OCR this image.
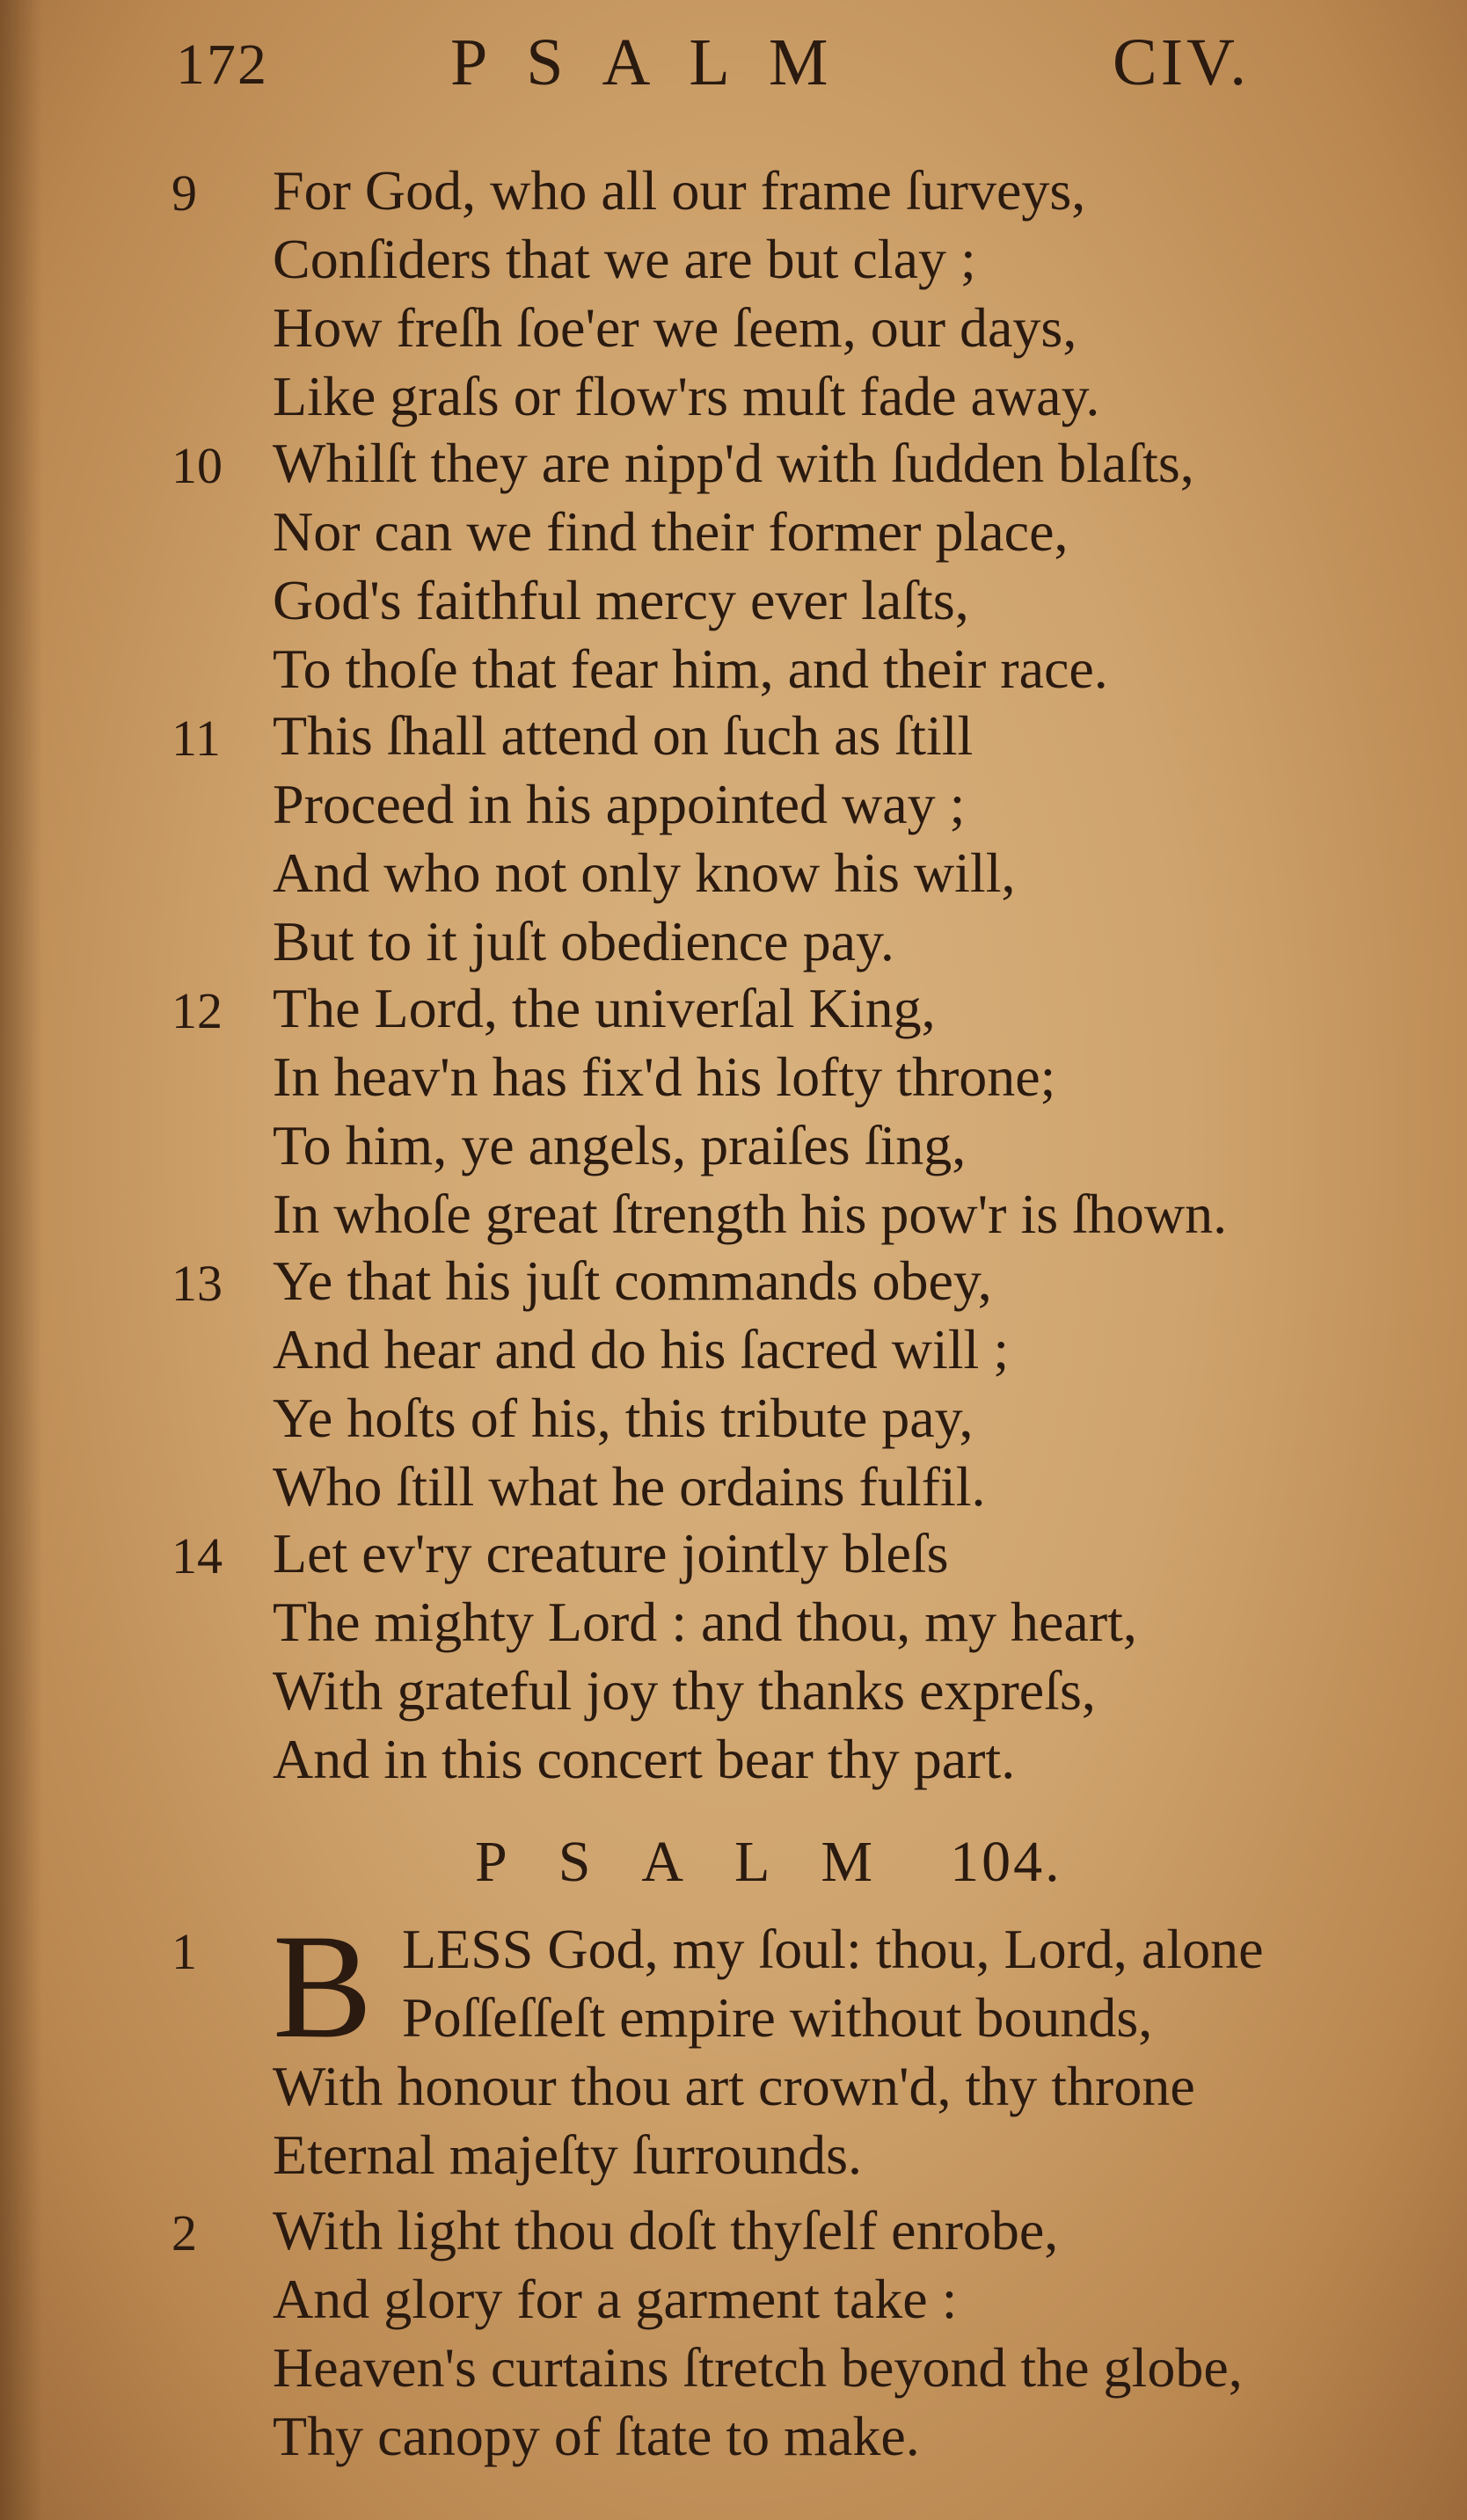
172	PSALM	CIV.
9	For God, who all our frame ſurveys,
Conſiders that we are but clay ;
How freſh ſoe'er we ſeem, our days,
Like graſs or flow'rs muſt fade away.
10 Whilſt they are nipp'd with ſudden blaſts,
Nor can we find their former place,
God's faithful mercy ever laſts,
To thoſe that fear him, and their race.
11 This ſhall attend on ſuch as ſtill
Proceed in his appointed way ;
And who not only know his will,
But to it juſt obedience pay.
12 The Lord, the univerſal King,
In heav'n has fix'd his lofty throne;
To him, ye angels, praiſes ſing,
In whoſe great ſtrength his pow'r is ſhown.
13 Ye that his juſt commands obey,
And hear and do his ſacred will ;
Ye hoſts of his, this tribute pay,
Who ſtill what he ordains fulfil.
14 Let ev'ry creature jointly bleſs
The mighty Lord : and thou, my heart,
With grateful joy thy thanks expreſs,
And in this concert bear thy part.
PSALM 104.
1 B LESS God, my ſoul: thou, Lord, alone
Poſſeſſeſt empire without bounds,
With honour thou art crown'd, thy throne
Eternal majeſty ſurrounds.
2	With light thou doſt thyſelf enrobe,
And glory for a garment take :
Heaven's curtains ſtretch beyond the globe,
Thy canopy of ſtate to make.
